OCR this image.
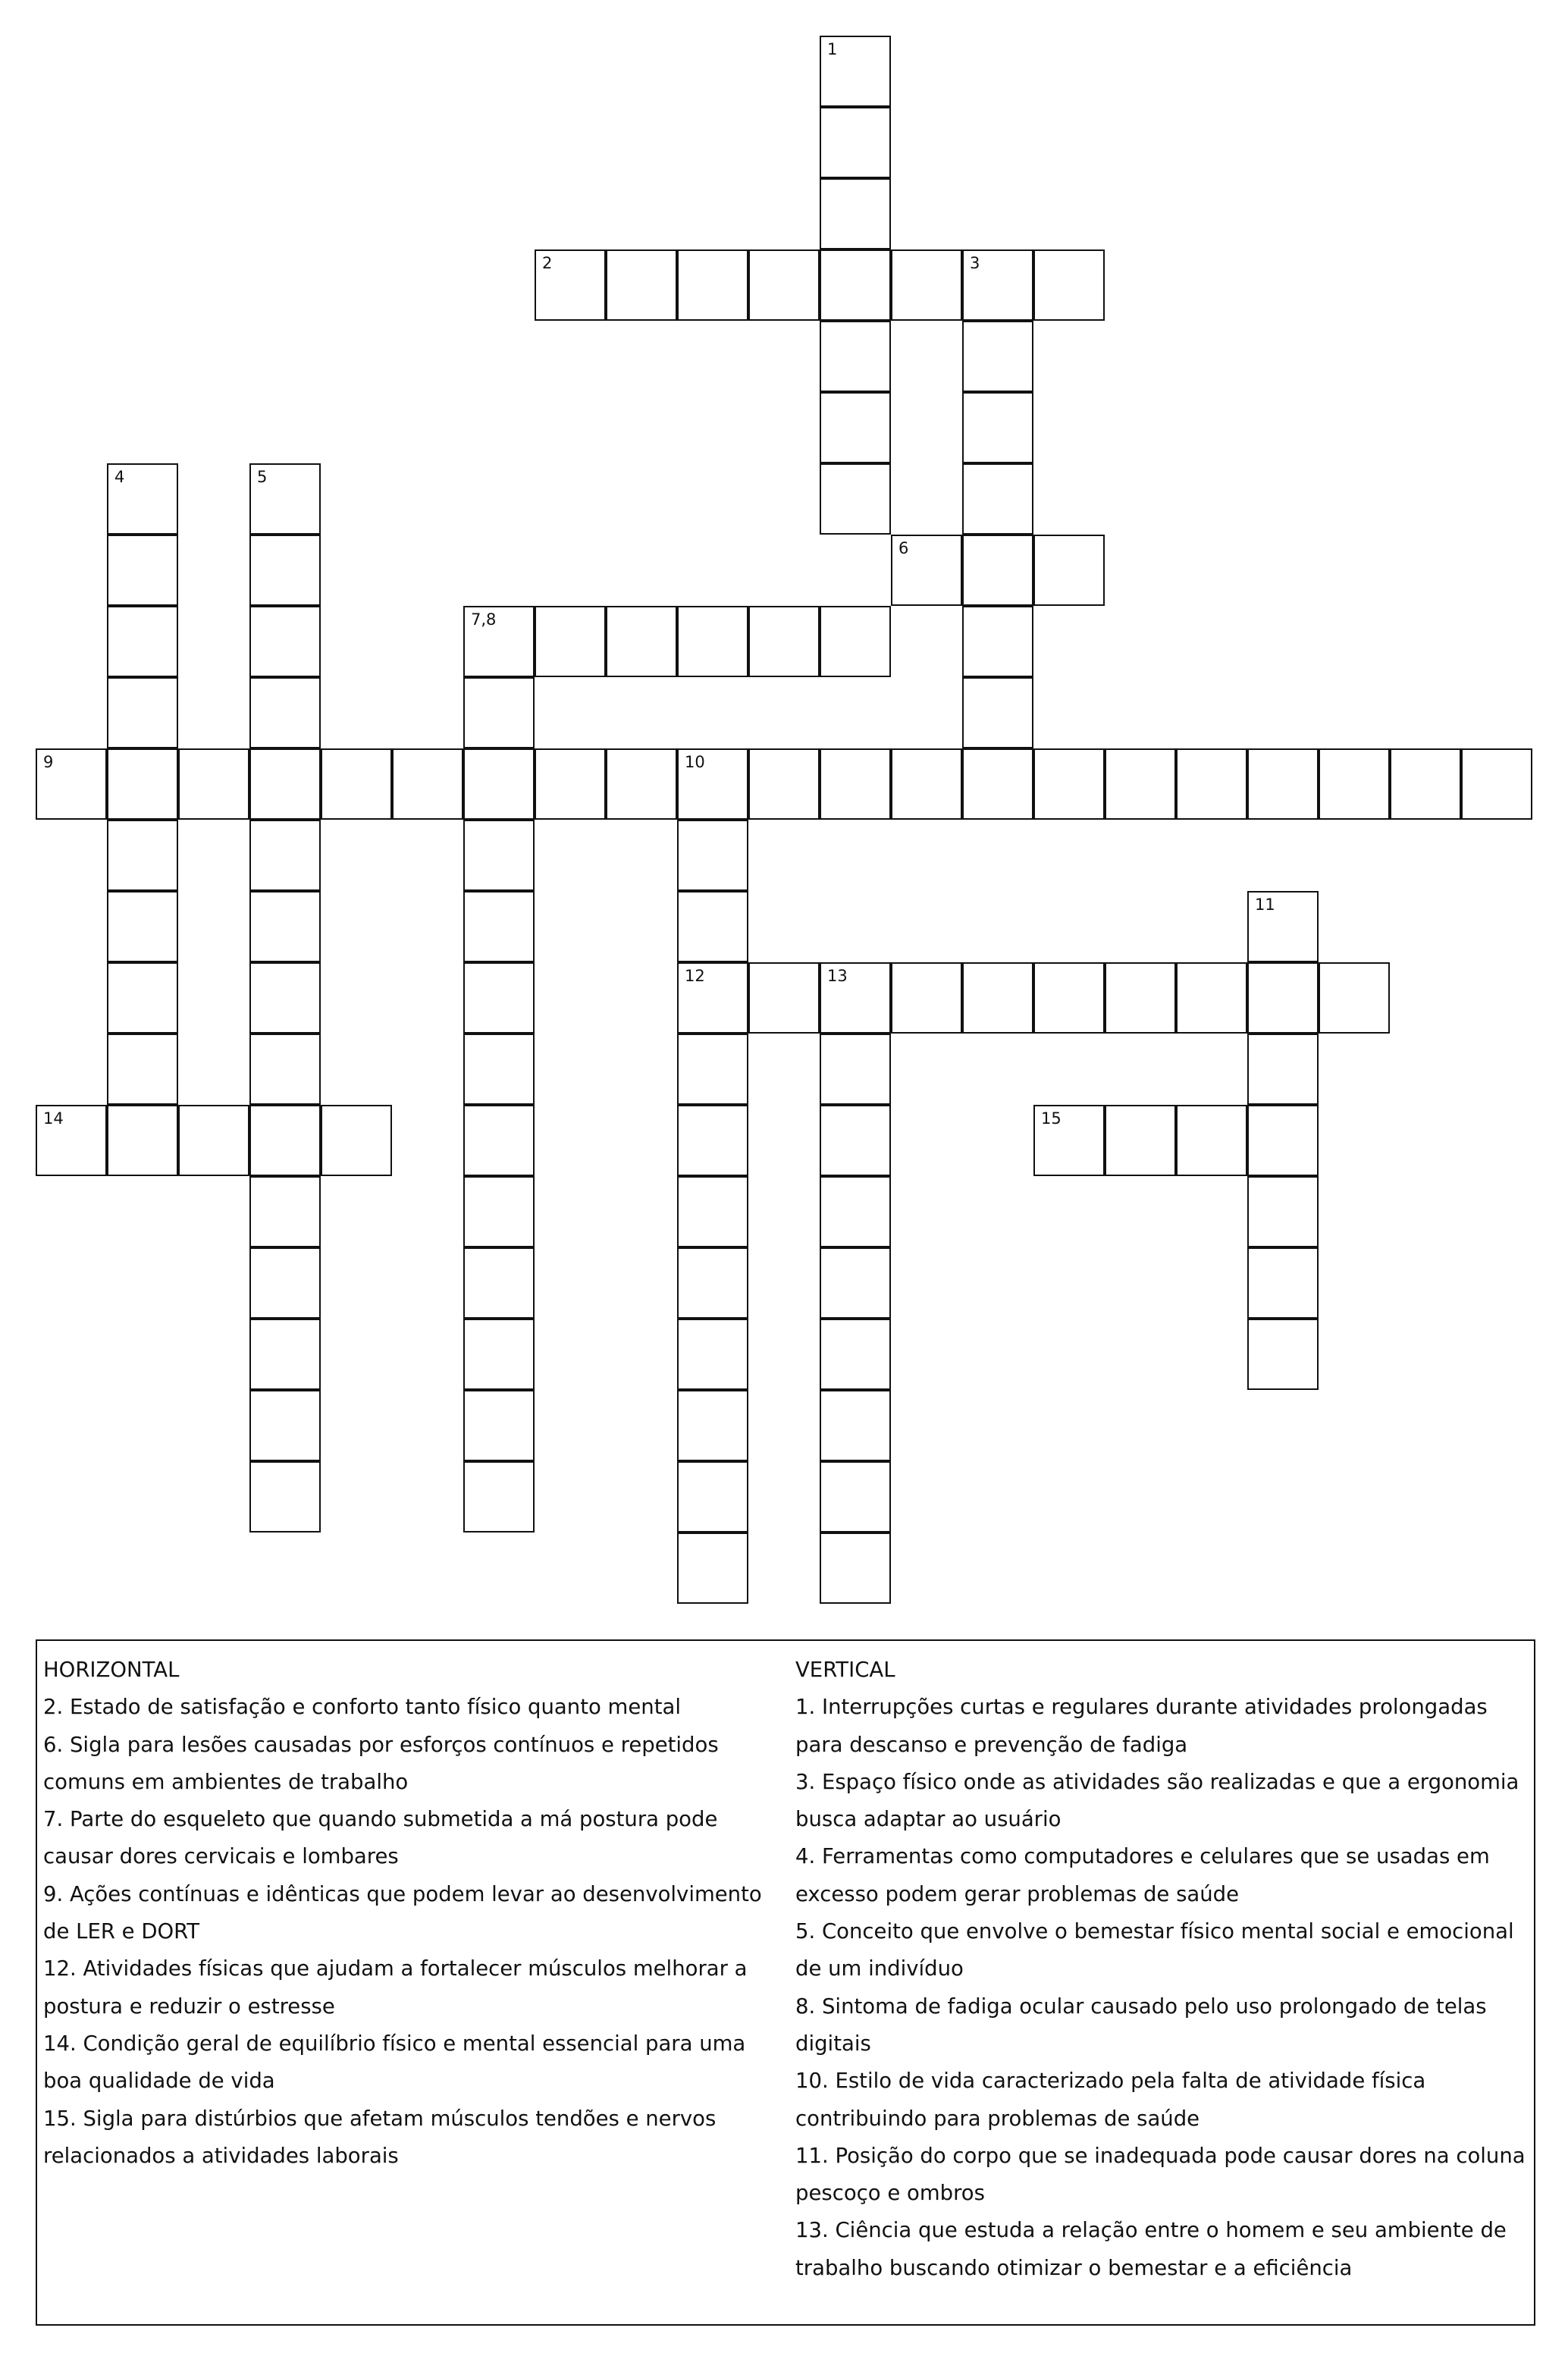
1
2	3
4	5
6
7,8
9	10
12
11
13
14	15

HORIZONTAL

2. Estado de satisfação e conforto tanto físico quanto mental

6. Sigla para lesões causadas por esforços contínuos e repetidos comuns em ambientes de trabalho

7. Parte do esqueleto que quando submetida a má postura pode causar dores cervicais e lombares

9. Ações contínuas e idênticas que podem levar ao desenvolvimento de LER e DORT

12. Atividades físicas que ajudam a fortalecer músculos melhorar a postura e reduzir o estresse

14. Condição geral de equilíbrio físico e mental essencial para uma boa qualidade de vida

15. Sigla para distúrbios que afetam músculos tendões e nervos relacionados a atividades laborais

VERTICAL

1. Interrupções curtas e regulares durante atividades prolongadas para descanso e prevenção de fadiga

3. Espaço físico onde as atividades são realizadas e que a ergonomia busca adaptar ao usuário

4. Ferramentas como computadores e celulares que se usadas em excesso podem gerar problemas de saúde

5. Conceito que envolve o bemestar físico mental social e emocional de um indivíduo

8. Sintoma de fadiga ocular causado pelo uso prolongado de telas digitais

10. Estilo de vida caracterizado pela falta de atividade física contribuindo para problemas de saúde

11. Posição do corpo que se inadequada pode causar dores na coluna pescoço e ombros

13. Ciência que estuda a relação entre o homem e seu ambiente de trabalho buscando otimizar o bemestar e a eficiência
